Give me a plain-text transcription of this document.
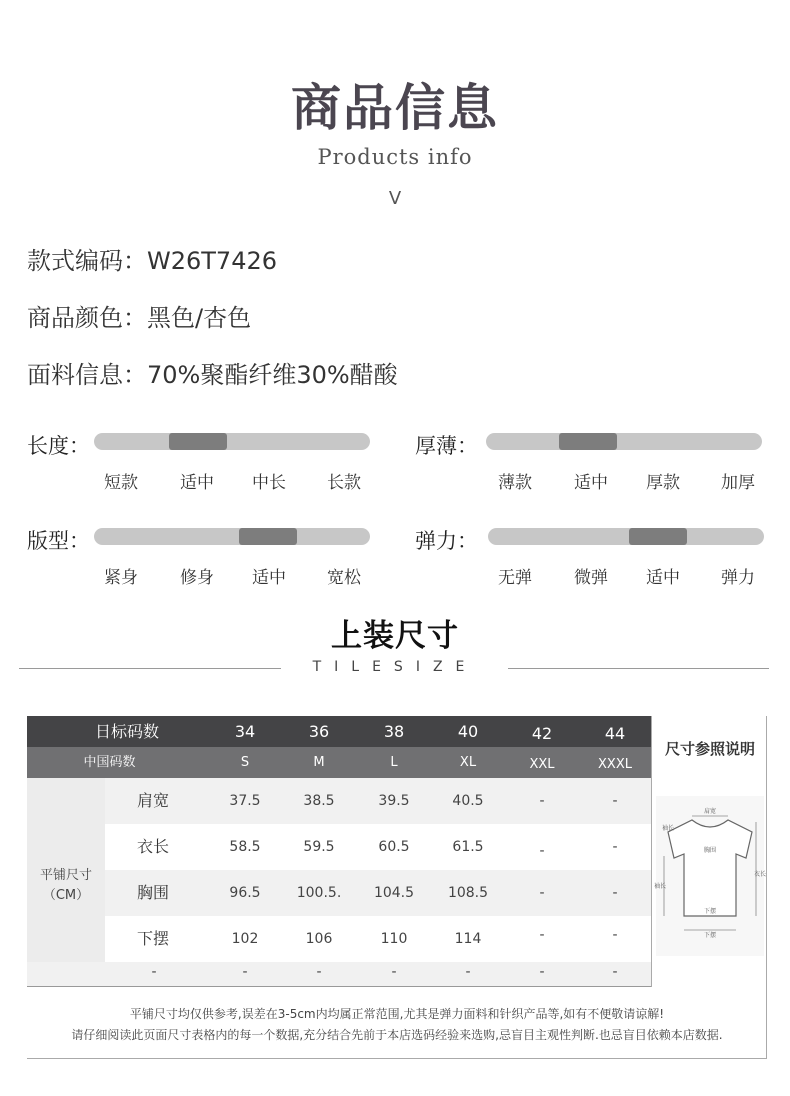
商品信息
Products info
V
款式编码：W26T7426
商品颜色：黑色/杏色
面料信息：70%聚酯纤维30%醋酸
长度：
短款 适中 中长 长款
厚薄：
薄款 适中 厚款 加厚
版型：
紧身 修身 适中 宽松
弹力：
无弹 微弹 适中 弹力
上装尺寸
TILESIZE
日标码数	34	36	38	40	42	44
中国码数	S	M	L	XL	XXL	XXXL
平铺尺寸
（CM）
肩宽	37.5	38.5	39.5	40.5	-	-
衣长	58.5	59.5	60.5	61.5	-	-
胸围	96.5	100.5.	104.5	108.5	-	-
下摆	102	106	110	114	-	-
-	-	-	-	-	-	-
尺寸参照说明
肩宽
袖长
胸围
袖长
衣长
下摆
下摆
平铺尺寸均仅供参考,误差在3-5cm内均属正常范围,尤其是弹力面料和针织产品等,如有不便敬请谅解!
请仔细阅读此页面尺寸表格内的每一个数据,充分结合先前于本店选码经验来选购,忌盲目主观性判断.也忌盲目依赖本店数据.
